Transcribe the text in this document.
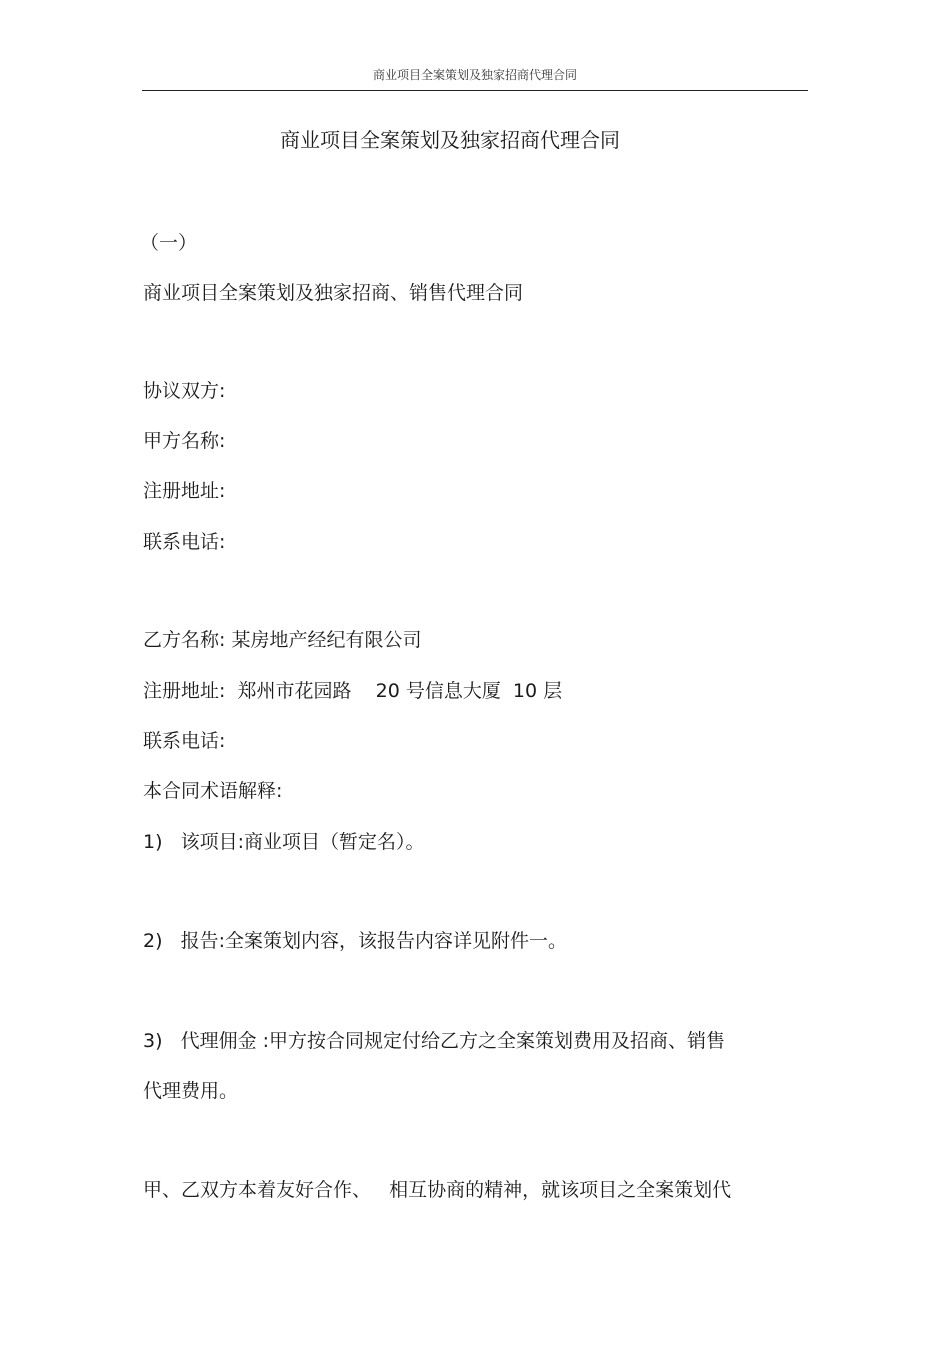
商业项目全案策划及独家招商代理合同
商业项目全案策划及独家招商代理合同
（一）
商业项目全案策划及独家招商、销售代理合同
协议双方:
甲方名称:
注册地址:
联系电话:
乙方名称: 某房地产经纪有限公司
注册地址:  郑州市花园路    20 号信息大厦  10 层
联系电话:
本合同术语解释:
1)   该项目:商业项目（暂定名）。
2)   报告:全案策划内容，该报告内容详见附件一。
3)   代理佣金 :甲方按合同规定付给乙方之全案策划费用及招商、销售
代理费用。
甲、乙双方本着友好合作、   相互协商的精神，就该项目之全案策划代
